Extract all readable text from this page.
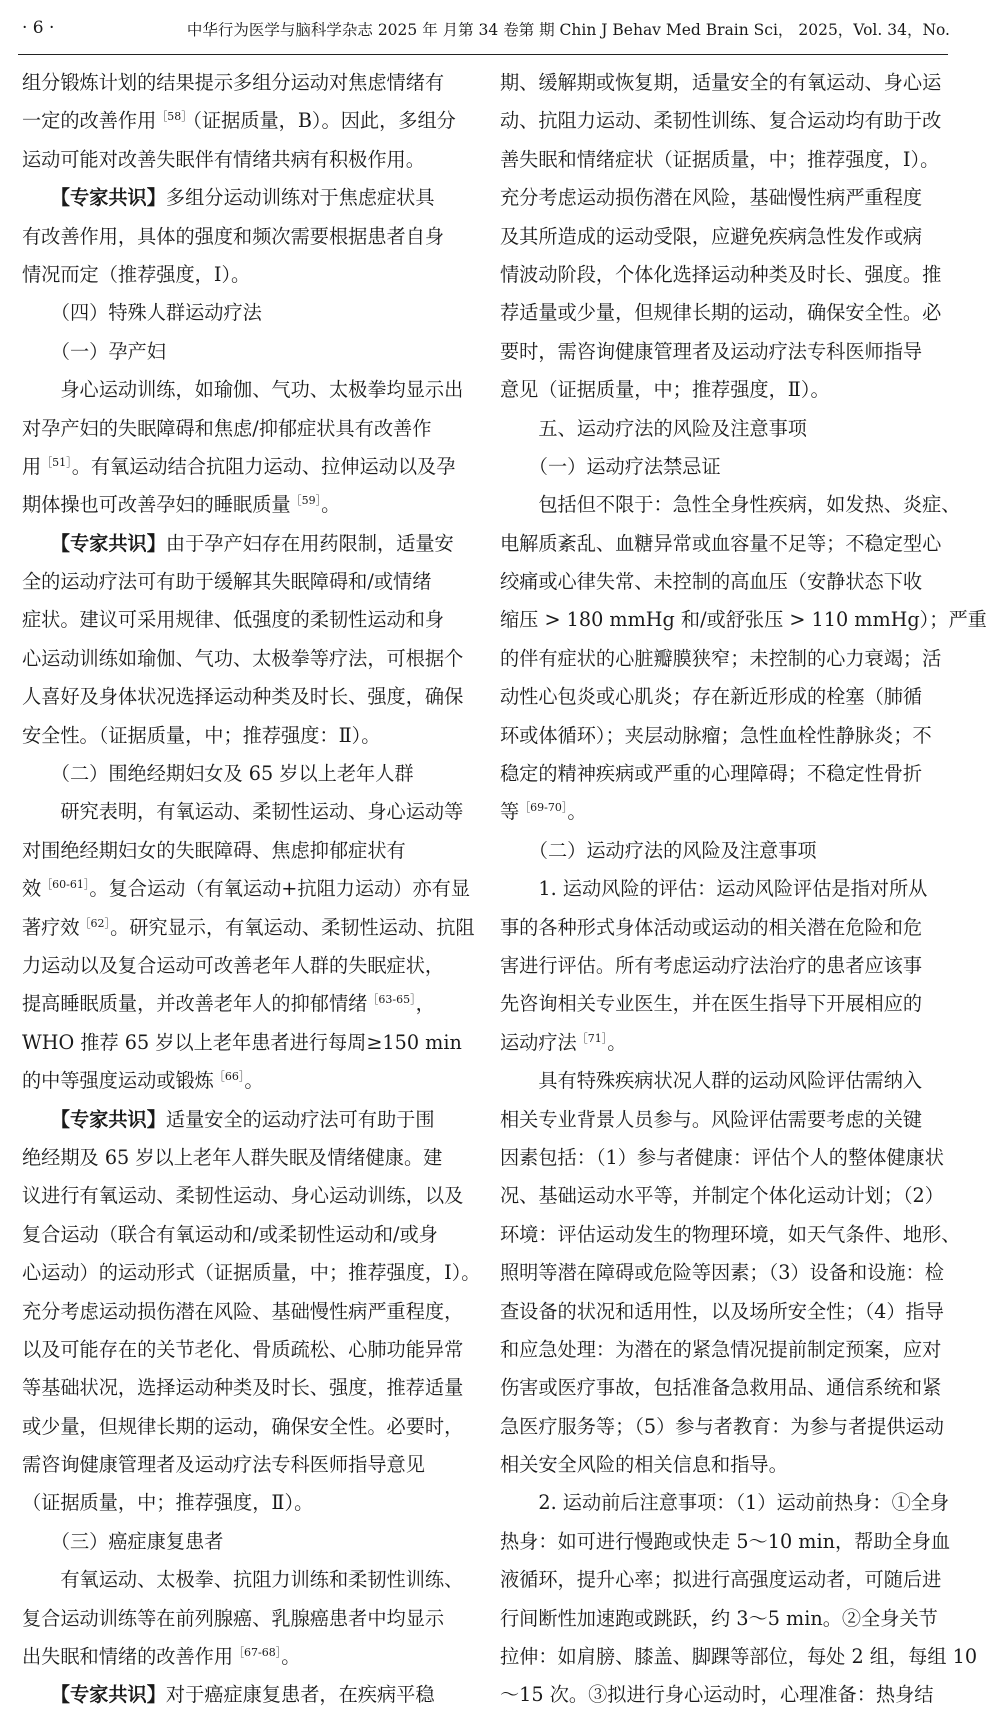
· 6 ·	中华行为医学与脑科学杂志 2025 年 月第 34 卷第 期 Chin J Behav Med Brain Sci， 2025，Vol. 34，No.
组分锻炼计划的结果提示多组分运动对焦虑情绪有
一定的改善作用$^{[58]}$（证据质量，B）。因此，多组分
运动可能对改善失眠伴有情绪共病有积极作用。
　　【专家共识】多组分运动训练对于焦虑症状具
有改善作用，具体的强度和频次需要根据患者自身
情况而定（推荐强度，I）。
　　（四）特殊人群运动疗法
　　（一）孕产妇
　　身心运动训练，如瑜伽、气功、太极拳均显示出
对孕产妇的失眠障碍和焦虑/抑郁症状具有改善作
用$^{[51]}$。有氧运动结合抗阻力运动、拉伸运动以及孕
期体操也可改善孕妇的睡眠质量$^{[59]}$。
　　【专家共识】由于孕产妇存在用药限制，适量安
全的运动疗法可有助于缓解其失眠障碍和/或情绪
症状。建议可采用规律、低强度的柔韧性运动和身
心运动训练如瑜伽、气功、太极拳等疗法，可根据个
人喜好及身体状况选择运动种类及时长、强度，确保
安全性。（证据质量，中；推荐强度：Ⅱ）。
　　（二）围绝经期妇女及 65 岁以上老年人群
　　研究表明，有氧运动、柔韧性运动、身心运动等
对围绝经期妇女的失眠障碍、焦虑抑郁症状有
效$^{[60-61]}$。复合运动（有氧运动+抗阻力运动）亦有显
著疗效$^{[62]}$。研究显示，有氧运动、柔韧性运动、抗阻
力运动以及复合运动可改善老年人群的失眠症状，
提高睡眠质量，并改善老年人的抑郁情绪$^{[63-65]}$，
WHO 推荐 65 岁以上老年患者进行每周≥150 min
的中等强度运动或锻炼$^{[66]}$。
　　【专家共识】适量安全的运动疗法可有助于围
绝经期及 65 岁以上老年人群失眠及情绪健康。建
议进行有氧运动、柔韧性运动、身心运动训练，以及
复合运动（联合有氧运动和/或柔韧性运动和/或身
心运动）的运动形式（证据质量，中；推荐强度，I）。
充分考虑运动损伤潜在风险、基础慢性病严重程度，
以及可能存在的关节老化、骨质疏松、心肺功能异常
等基础状况，选择运动种类及时长、强度，推荐适量
或少量，但规律长期的运动，确保安全性。必要时，
需咨询健康管理者及运动疗法专科医师指导意见
（证据质量，中；推荐强度，Ⅱ）。
　　（三）癌症康复患者
　　有氧运动、太极拳、抗阻力训练和柔韧性训练、
复合运动训练等在前列腺癌、乳腺癌患者中均显示
出失眠和情绪的改善作用$^{[67-68]}$。
　　【专家共识】对于癌症康复患者，在疾病平稳
期、缓解期或恢复期，适量安全的有氧运动、身心运
动、抗阻力运动、柔韧性训练、复合运动均有助于改
善失眠和情绪症状（证据质量，中；推荐强度，Ⅰ）。
充分考虑运动损伤潜在风险，基础慢性病严重程度
及其所造成的运动受限，应避免疾病急性发作或病
情波动阶段，个体化选择运动种类及时长、强度。推
荐适量或少量，但规律长期的运动，确保安全性。必
要时，需咨询健康管理者及运动疗法专科医师指导
意见（证据质量，中；推荐强度，Ⅱ）。
　　五、运动疗法的风险及注意事项
　　（一）运动疗法禁忌证
　　包括但不限于：急性全身性疾病，如发热、炎症、
电解质紊乱、血糖异常或血容量不足等；不稳定型心
绞痛或心律失常、未控制的高血压（安静状态下收
缩压 > 180 mmHg 和/或舒张压 > 110 mmHg）；严重
的伴有症状的心脏瓣膜狭窄；未控制的心力衰竭；活
动性心包炎或心肌炎；存在新近形成的栓塞（肺循
环或体循环）；夹层动脉瘤；急性血栓性静脉炎；不
稳定的精神疾病或严重的心理障碍；不稳定性骨折
等$^{[69-70]}$。
　　（二）运动疗法的风险及注意事项
　　1. 运动风险的评估：运动风险评估是指对所从
事的各种形式身体活动或运动的相关潜在危险和危
害进行评估。所有考虑运动疗法治疗的患者应该事
先咨询相关专业医生，并在医生指导下开展相应的
运动疗法$^{[71]}$。
　　具有特殊疾病状况人群的运动风险评估需纳入
相关专业背景人员参与。风险评估需要考虑的关键
因素包括：（1）参与者健康：评估个人的整体健康状
况、基础运动水平等，并制定个体化运动计划；（2）
环境：评估运动发生的物理环境，如天气条件、地形、
照明等潜在障碍或危险等因素；（3）设备和设施：检
查设备的状况和适用性，以及场所安全性；（4）指导
和应急处理：为潜在的紧急情况提前制定预案，应对
伤害或医疗事故，包括准备急救用品、通信系统和紧
急医疗服务等；（5）参与者教育：为参与者提供运动
相关安全风险的相关信息和指导。
　　2. 运动前后注意事项：（1）运动前热身：①全身
热身：如可进行慢跑或快走 5～10 min，帮助全身血
液循环，提升心率；拟进行高强度运动者，可随后进
行间断性加速跑或跳跃，约 3～5 min。②全身关节
拉伸：如肩膀、膝盖、脚踝等部位，每处 2 组，每组 10
～15 次。③拟进行身心运动时，心理准备：热身结
